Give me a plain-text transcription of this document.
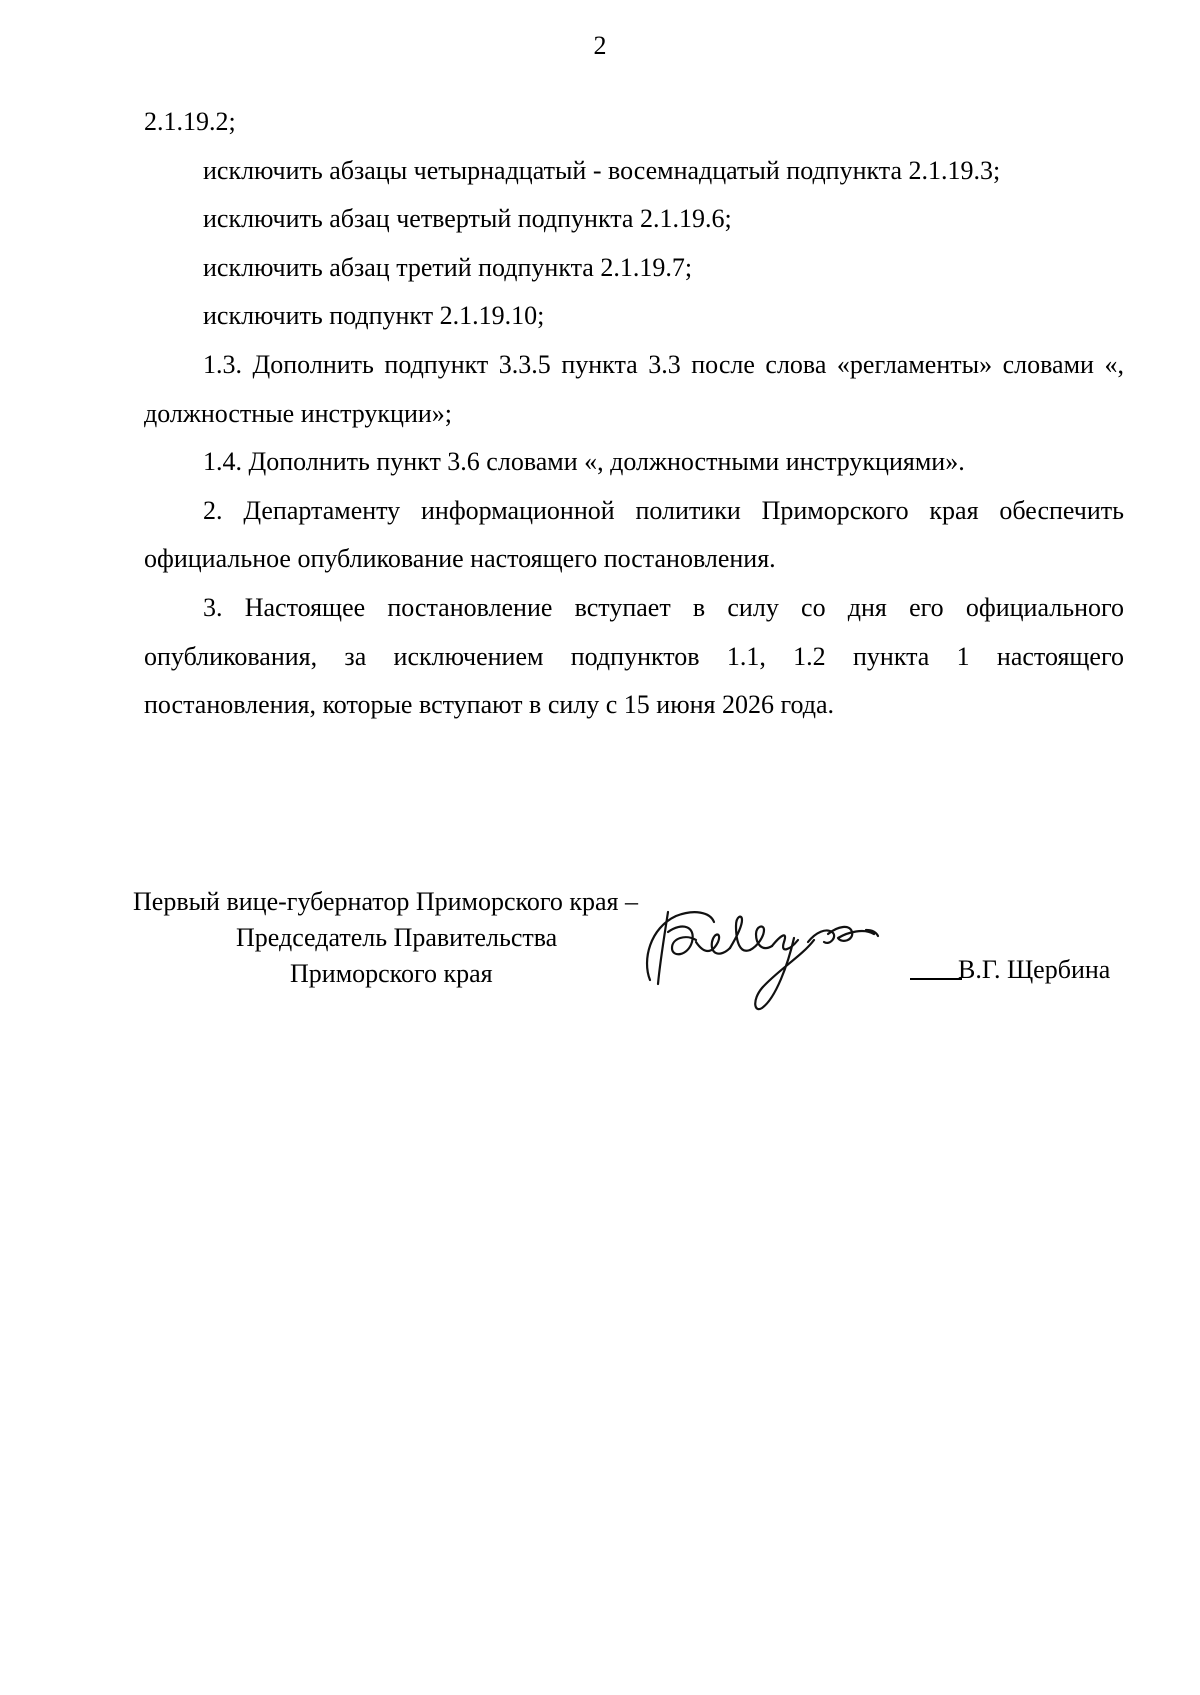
2

2.1.19.2;

исключить абзацы четырнадцатый - восемнадцатый подпункта 2.1.19.3;

исключить абзац четвертый подпункта 2.1.19.6;

исключить абзац третий подпункта 2.1.19.7;

исключить подпункт 2.1.19.10;

1.3. Дополнить подпункт 3.3.5 пункта 3.3 после слова «регламенты» словами «, должностные инструкции»;

1.4. Дополнить пункт 3.6 словами «, должностными инструкциями».

2. Департаменту информационной политики Приморского края обеспечить официальное опубликование настоящего постановления.

3. Настоящее постановление вступает в силу со дня его официального опубликования, за исключением подпунктов 1.1, 1.2 пункта 1 настоящего постановления, которые вступают в силу с 15 июня 2026 года.

Первый вице-губернатор Приморского края –
Председатель Правительства
Приморского края	В.Г. Щербина
